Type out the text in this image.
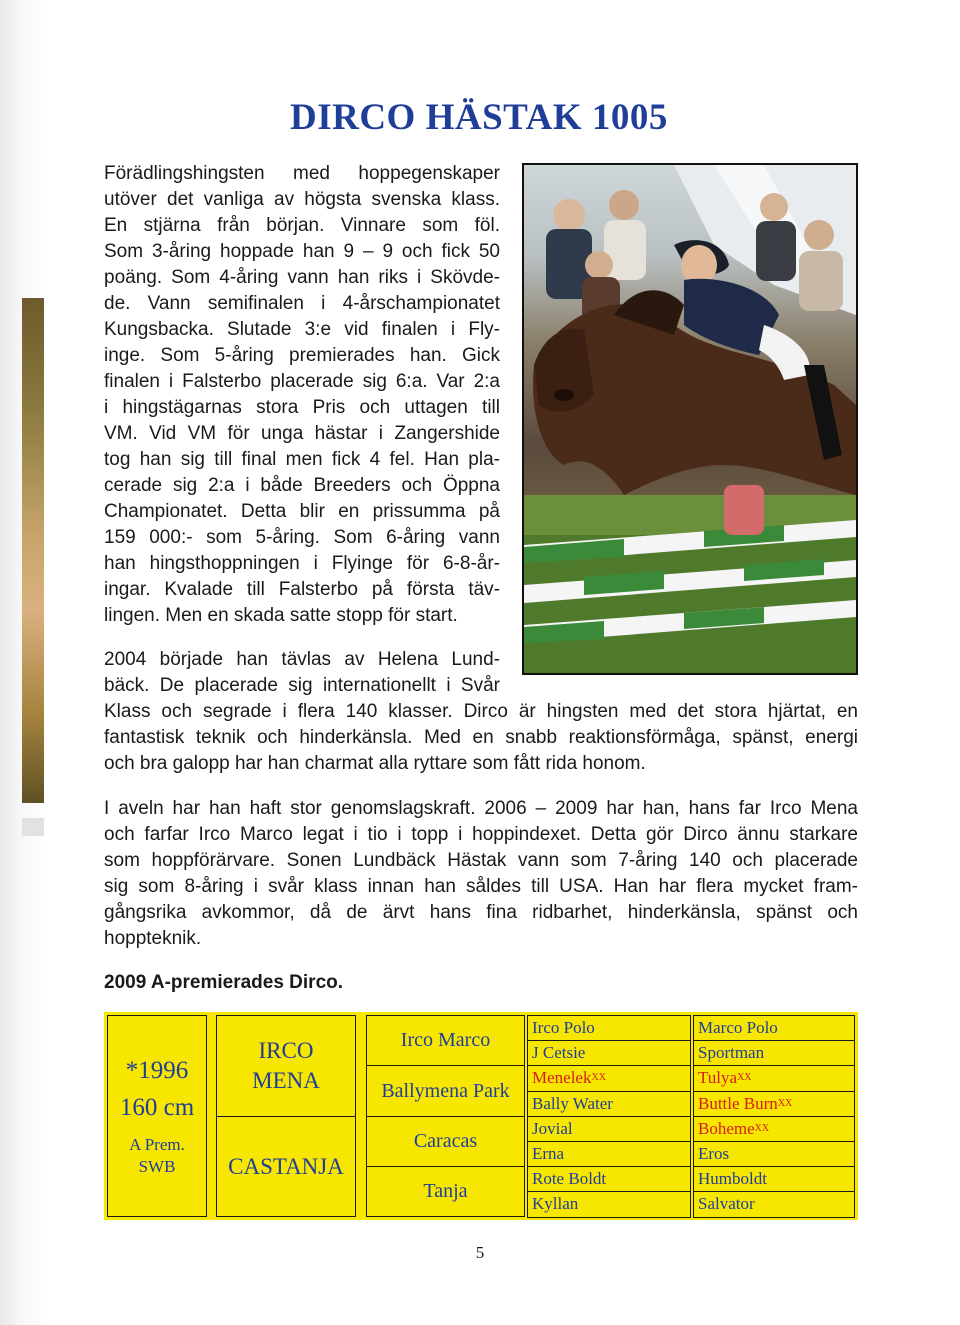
DIRCO HÄSTAK 1005
Förädlingshingsten med hoppegenskaper
utöver det vanliga av högsta svenska klass.
En stjärna från början. Vinnare som föl.
Som 3-åring hoppade han 9 – 9 och fick 50
poäng. Som 4-åring vann han riks i Skövde-
de. Vann semifinalen i 4-årschampionatet
Kungsbacka. Slutade 3:e vid finalen i Fly-
inge. Som 5-åring premierades han. Gick
finalen i Falsterbo placerade sig 6:a. Var 2:a
i hingstägarnas stora Pris och uttagen till
VM. Vid VM för unga hästar i Zangershide
tog han sig till final men fick 4 fel. Han pla-
cerade sig 2:a i både Breeders och Öppna
Championatet. Detta blir en prissumma på
159 000:- som 5-åring. Som 6-åring vann
han hingsthoppningen i Flyinge för 6-8-år-
ingar. Kvalade till Falsterbo på första täv-
lingen. Men en skada satte stopp för start.
2004 började han tävlas av Helena Lund-
bäck. De placerade sig internationellt i Svår
Klass och segrade i flera 140 klasser. Dirco är hingsten med det stora hjärtat, en
fantastisk teknik och hinderkänsla. Med en snabb reaktionsförmåga, spänst, energi
och bra galopp har han charmat alla ryttare som fått rida honom.
I aveln har han haft stor genomslagskraft. 2006 – 2009 har han, hans far Irco Mena
och farfar Irco Marco legat i tio i topp i hoppindexet. Detta gör Dirco ännu starkare
som hoppförärvare. Sonen Lundbäck Hästak vann som 7-åring 140 och placerade
sig som 8-åring i svår klass innan han såldes till USA. Han har flera mycket fram-
gångsrika avkommor, då de ärvt hans fina ridbarhet, hinderkänsla, spänst och
hoppteknik.
2009 A-premierades Dirco.
*1996
160 cm
A Prem.
SWB
IRCO MENA
CASTANJA
Irco Marco
Ballymena Park
Caracas
Tanja
Irco Polo
J Cetsie
Menelek XX
Bally Water
Jovial
Erna
Rote Boldt
Kyllan
Marco Polo
Sportman
Tulya XX
Buttle Burn XX
Boheme XX
Eros
Humboldt
Salvator
5
